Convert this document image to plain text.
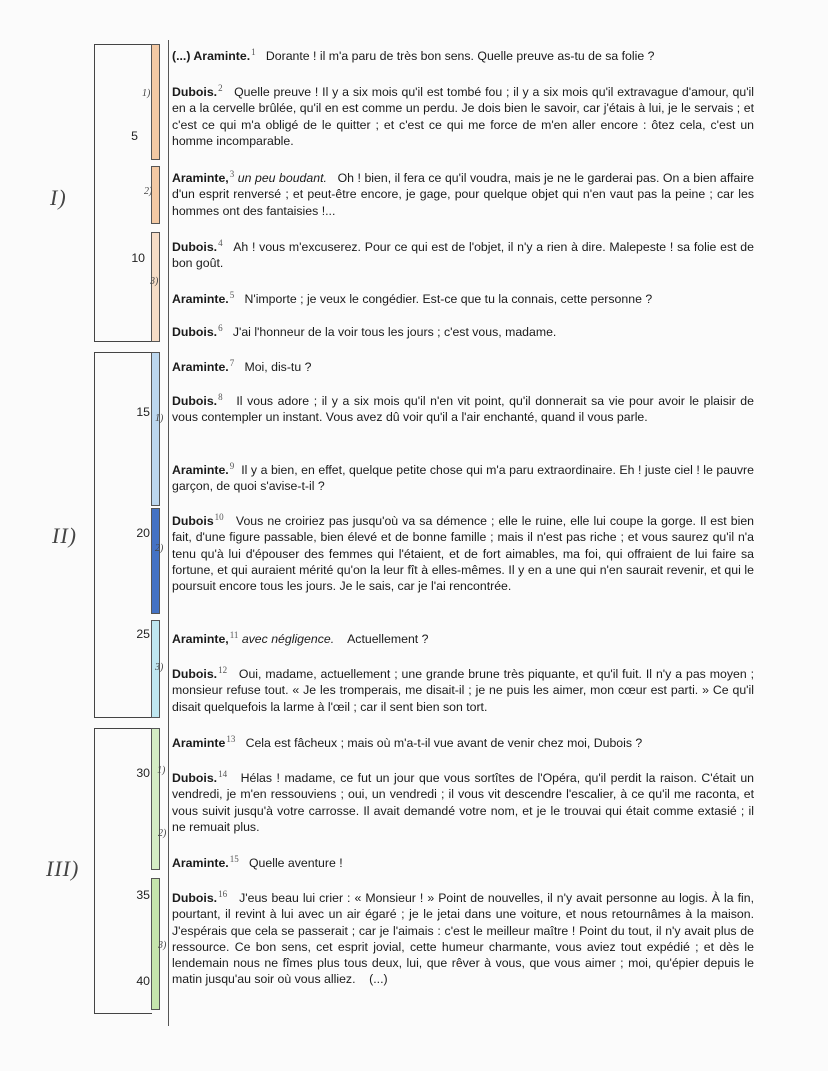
I)
II)
III)
1)
2)
3)
1)
2)
3)
1)
2)
3)
5
10
15
20
25
30
35
40
(...) Araminte.$^1$ Dorante ! il m'a paru de très bon sens. Quelle preuve as-tu de sa folie ?
Dubois.$^2$ Quelle preuve ! Il y a six mois qu'il est tombé fou ; il y a six mois qu'il extravague d'amour, qu'il en a la cervelle brûlée, qu'il en est comme un perdu. Je dois bien le savoir, car j'étais à lui, je le servais ; et c'est ce qui m'a obligé de le quitter ; et c'est ce qui me force de m'en aller encore : ôtez cela, c'est un homme incomparable.
Araminte,$^3$ un peu boudant. Oh ! bien, il fera ce qu'il voudra, mais je ne le garderai pas. On a bien affaire d'un esprit renversé ; et peut-être encore, je gage, pour quelque objet qui n'en vaut pas la peine ; car les hommes ont des fantaisies !...
Dubois.$^4$ Ah ! vous m'excuserez. Pour ce qui est de l'objet, il n'y a rien à dire. Malepeste ! sa folie est de bon goût.
Araminte.$^5$ N'importe ; je veux le congédier. Est-ce que tu la connais, cette personne ?
Dubois.$^6$ J'ai l'honneur de la voir tous les jours ; c'est vous, madame.
Araminte.$^7$ Moi, dis-tu ?
Dubois.$^8$ Il vous adore ; il y a six mois qu'il n'en vit point, qu'il donnerait sa vie pour avoir le plaisir de vous contempler un instant. Vous avez dû voir qu'il a l'air enchanté, quand il vous parle.
Araminte.$^9$ Il y a bien, en effet, quelque petite chose qui m'a paru extraordinaire. Eh ! juste ciel ! le pauvre garçon, de quoi s'avise-t-il ?
Dubois$^{10}$ Vous ne croiriez pas jusqu'où va sa démence ; elle le ruine, elle lui coupe la gorge. Il est bien fait, d'une figure passable, bien élevé et de bonne famille ; mais il n'est pas riche ; et vous saurez qu'il n'a tenu qu'à lui d'épouser des femmes qui l'étaient, et de fort aimables, ma foi, qui offraient de lui faire sa fortune, et qui auraient mérité qu'on la leur fît à elles-mêmes. Il y en a une qui n'en saurait revenir, et qui le poursuit encore tous les jours. Je le sais, car je l'ai rencontrée.
Araminte,$^{11}$ avec négligence. Actuellement ?
Dubois.$^{12}$ Oui, madame, actuellement ; une grande brune très piquante, et qu'il fuit. Il n'y a pas moyen ; monsieur refuse tout. « Je les tromperais, me disait-il ; je ne puis les aimer, mon cœur est parti. » Ce qu'il disait quelquefois la larme à l'œil ; car il sent bien son tort.
Araminte$^{13}$ Cela est fâcheux ; mais où m'a-t-il vue avant de venir chez moi, Dubois ?
Dubois.$^{14}$ Hélas ! madame, ce fut un jour que vous sortîtes de l'Opéra, qu'il perdit la raison. C'était un vendredi, je m'en ressouviens ; oui, un vendredi ; il vous vit descendre l'escalier, à ce qu'il me raconta, et vous suivit jusqu'à votre carrosse. Il avait demandé votre nom, et je le trouvai qui était comme extasié ; il ne remuait plus.
Araminte.$^{15}$ Quelle aventure !
Dubois.$^{16}$ J'eus beau lui crier : « Monsieur ! » Point de nouvelles, il n'y avait personne au logis. À la fin, pourtant, il revint à lui avec un air égaré ; je le jetai dans une voiture, et nous retournâmes à la maison. J'espérais que cela se passerait ; car je l'aimais : c'est le meilleur maître ! Point du tout, il n'y avait plus de ressource. Ce bon sens, cet esprit jovial, cette humeur charmante, vous aviez tout expédié ; et dès le lendemain nous ne fîmes plus tous deux, lui, que rêver à vous, que vous aimer ; moi, qu'épier depuis le matin jusqu'au soir où vous alliez. (...)
